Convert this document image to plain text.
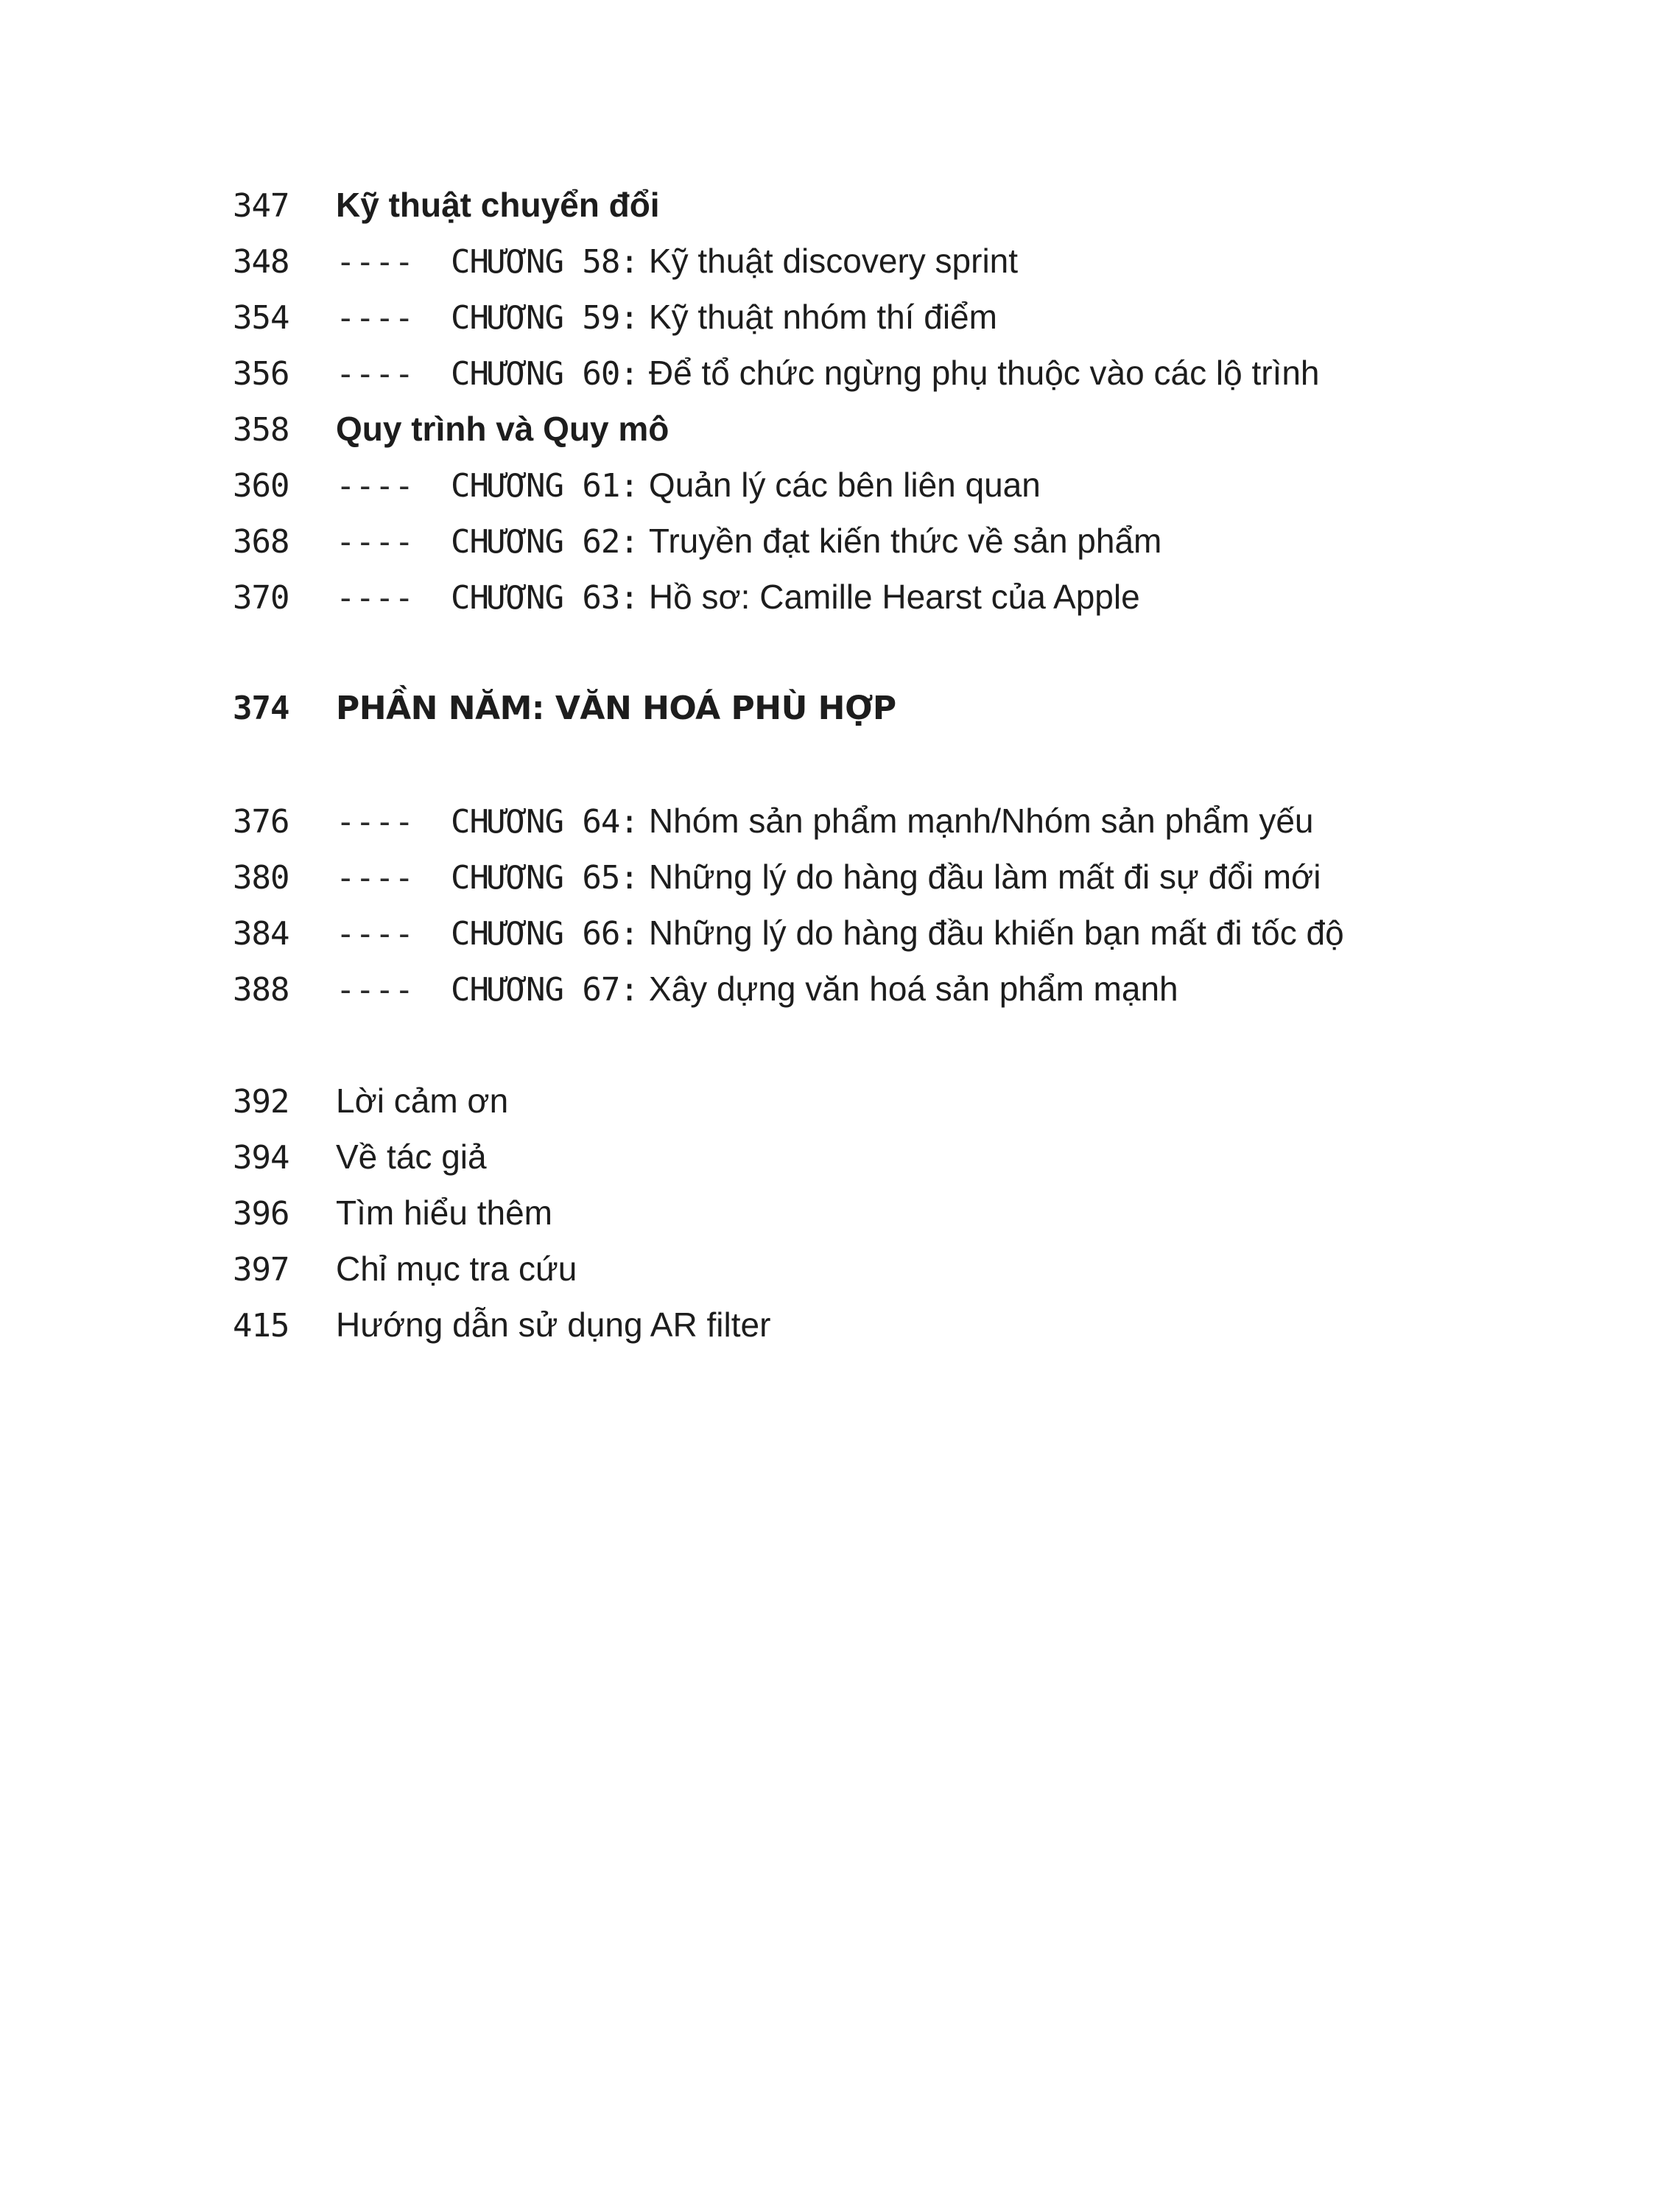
347	Kỹ thuật chuyển đổi
348	----	CHƯƠNG 58 : Kỹ thuật discovery sprint
354	----	CHƯƠNG 59 : Kỹ thuật nhóm thí điểm
356	----	CHƯƠNG 60 : Để tổ chức ngừng phụ thuộc vào các lộ trình
358	Quy trình và Quy mô
360	----	CHƯƠNG 61 : Quản lý các bên liên quan
368	----	CHƯƠNG 62 : Truyền đạt kiến thức về sản phẩm
370	----	CHƯƠNG 63 : Hồ sơ: Camille Hearst của Apple
374	PHẦN NĂM: VĂN HOÁ PHÙ HỢP
376	----	CHƯƠNG 64 : Nhóm sản phẩm mạnh/Nhóm sản phẩm yếu
380	----	CHƯƠNG 65 : Những lý do hàng đầu làm mất đi sự đổi mới
384	----	CHƯƠNG 66 : Những lý do hàng đầu khiến bạn mất đi tốc độ
388	----	CHƯƠNG 67 : Xây dựng văn hoá sản phẩm mạnh
392	Lời cảm ơn
394	Về tác giả
396	Tìm hiểu thêm
397	Chỉ mục tra cứu
415	Hướng dẫn sử dụng AR filter
